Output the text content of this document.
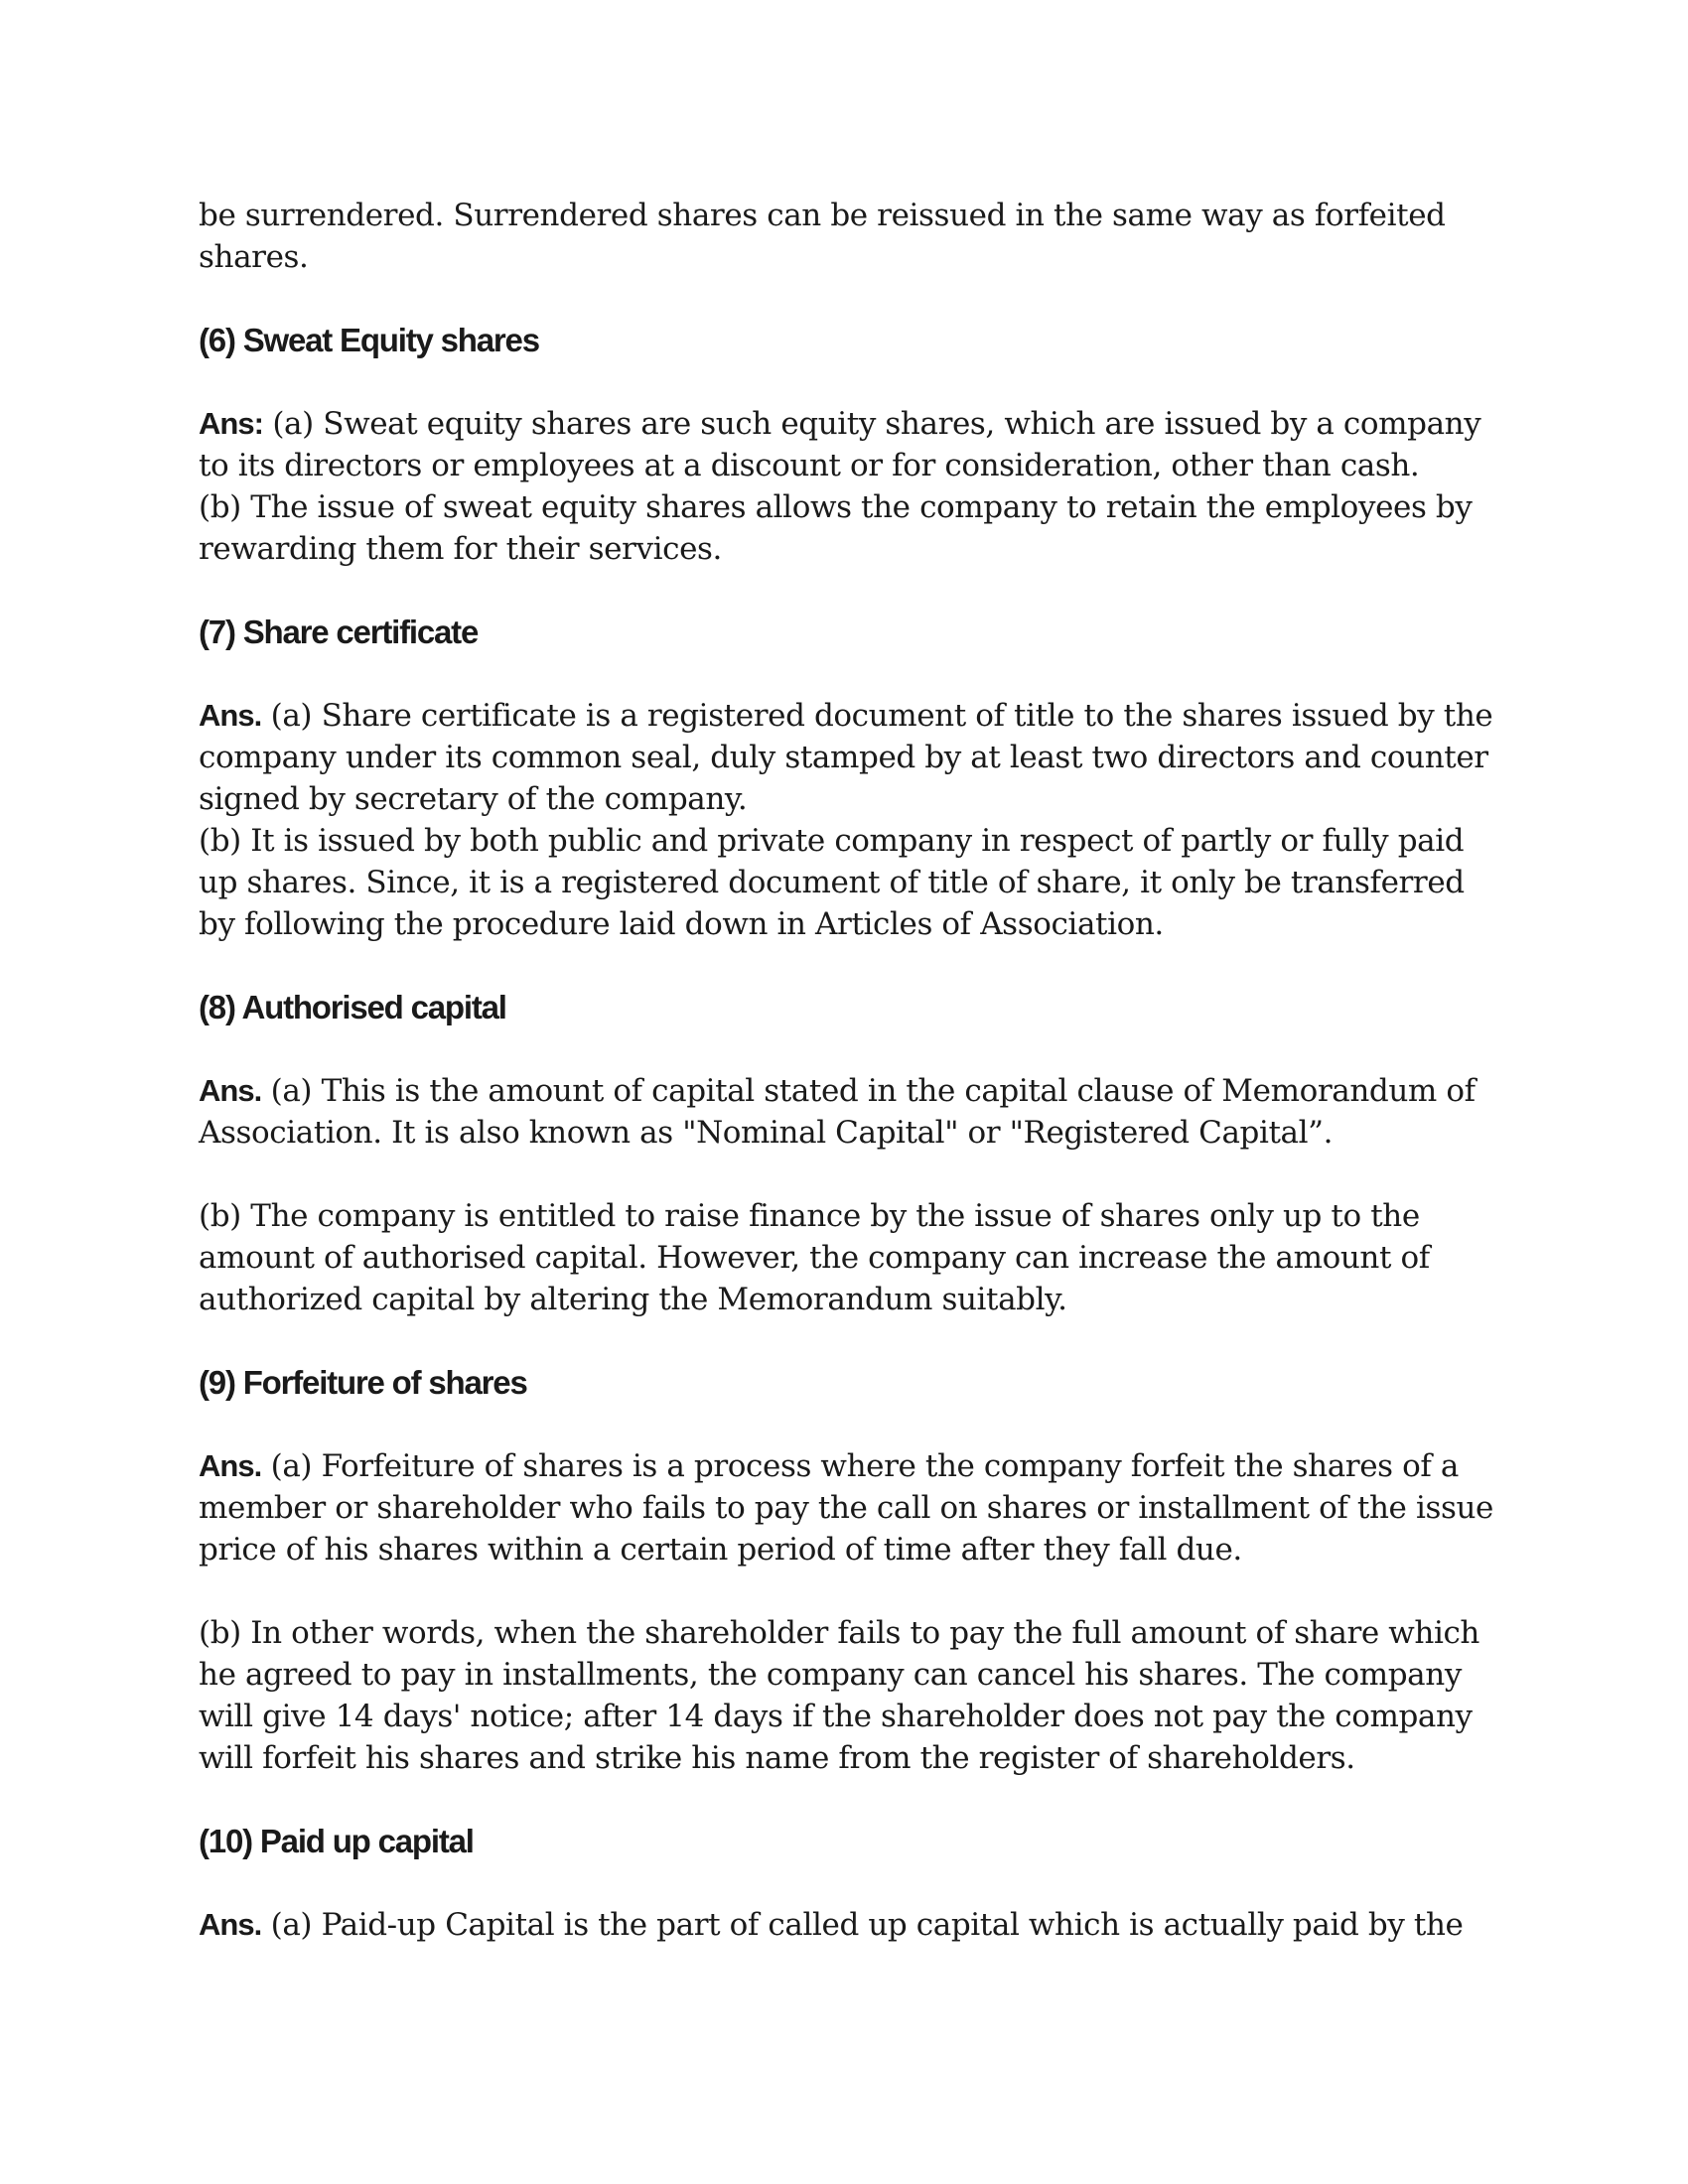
be surrendered. Surrendered shares can be reissued in the same way as forfeited
shares.

(6) Sweat Equity shares

Ans: (a) Sweat equity shares are such equity shares, which are issued by a company
to its directors or employees at a discount or for consideration, other than cash.
(b) The issue of sweat equity shares allows the company to retain the employees by
rewarding them for their services.

(7) Share certificate

Ans. (a) Share certificate is a registered document of title to the shares issued by the
company under its common seal, duly stamped by at least two directors and counter
signed by secretary of the company.
(b) It is issued by both public and private company in respect of partly or fully paid
up shares. Since, it is a registered document of title of share, it only be transferred
by following the procedure laid down in Articles of Association.

(8) Authorised capital

Ans. (a) This is the amount of capital stated in the capital clause of Memorandum of
Association. It is also known as "Nominal Capital" or "Registered Capital”.

(b) The company is entitled to raise finance by the issue of shares only up to the
amount of authorised capital. However, the company can increase the amount of
authorized capital by altering the Memorandum suitably.

(9) Forfeiture of shares

Ans. (a) Forfeiture of shares is a process where the company forfeit the shares of a
member or shareholder who fails to pay the call on shares or installment of the issue
price of his shares within a certain period of time after they fall due.

(b) In other words, when the shareholder fails to pay the full amount of share which
he agreed to pay in installments, the company can cancel his shares. The company
will give 14 days' notice; after 14 days if the shareholder does not pay the company
will forfeit his shares and strike his name from the register of shareholders.

(10) Paid up capital

Ans. (a) Paid-up Capital is the part of called up capital which is actually paid by the
